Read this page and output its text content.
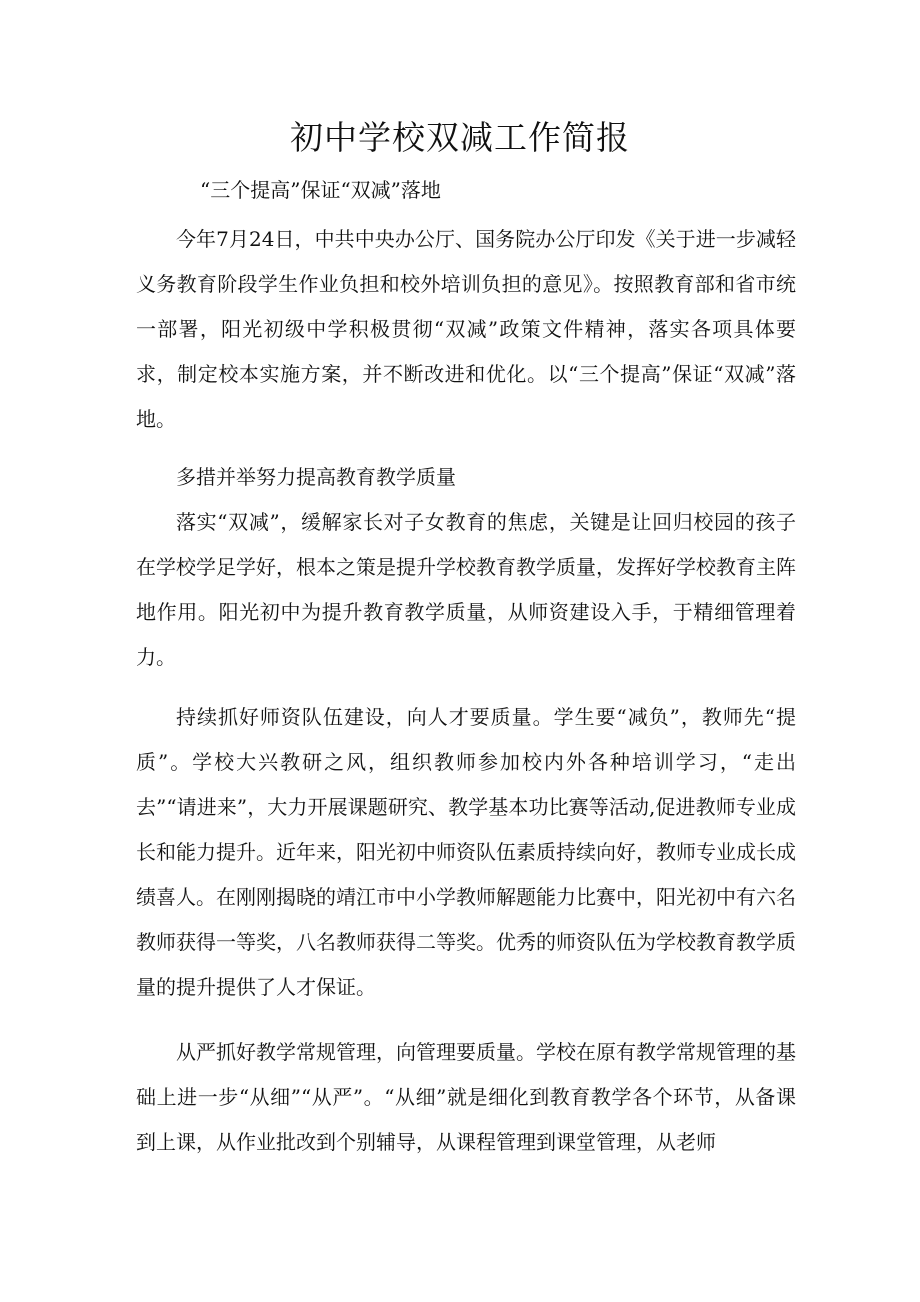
初中学校双减工作简报

“三个提高”保证“双减”落地

今年7月24日，中共中央办公厅、国务院办公厅印发《关于进一步减轻义务教育阶段学生作业负担和校外培训负担的意见》。按照教育部和省市统一部署，阳光初级中学积极贯彻“双减”政策文件精神，落实各项具体要求，制定校本实施方案，并不断改进和优化。以“三个提高”保证“双减”落地。

多措并举努力提高教育教学质量

落实“双减”，缓解家长对子女教育的焦虑，关键是让回归校园的孩子在学校学足学好，根本之策是提升学校教育教学质量，发挥好学校教育主阵地作用。阳光初中为提升教育教学质量，从师资建设入手，于精细管理着力。

持续抓好师资队伍建设，向人才要质量。学生要“减负”，教师先“提质”。学校大兴教研之风，组织教师参加校内外各种培训学习，“走出去”“请进来”，大力开展课题研究、教学基本功比赛等活动,促进教师专业成长和能力提升。近年来，阳光初中师资队伍素质持续向好，教师专业成长成绩喜人。在刚刚揭晓的靖江市中小学教师解题能力比赛中，阳光初中有六名教师获得一等奖，八名教师获得二等奖。优秀的师资队伍为学校教育教学质量的提升提供了人才保证。

从严抓好教学常规管理，向管理要质量。学校在原有教学常规管理的基础上进一步“从细”“从严”。“从细”就是细化到教育教学各个环节，从备课到上课，从作业批改到个别辅导，从课程管理到课堂管理，从老师
